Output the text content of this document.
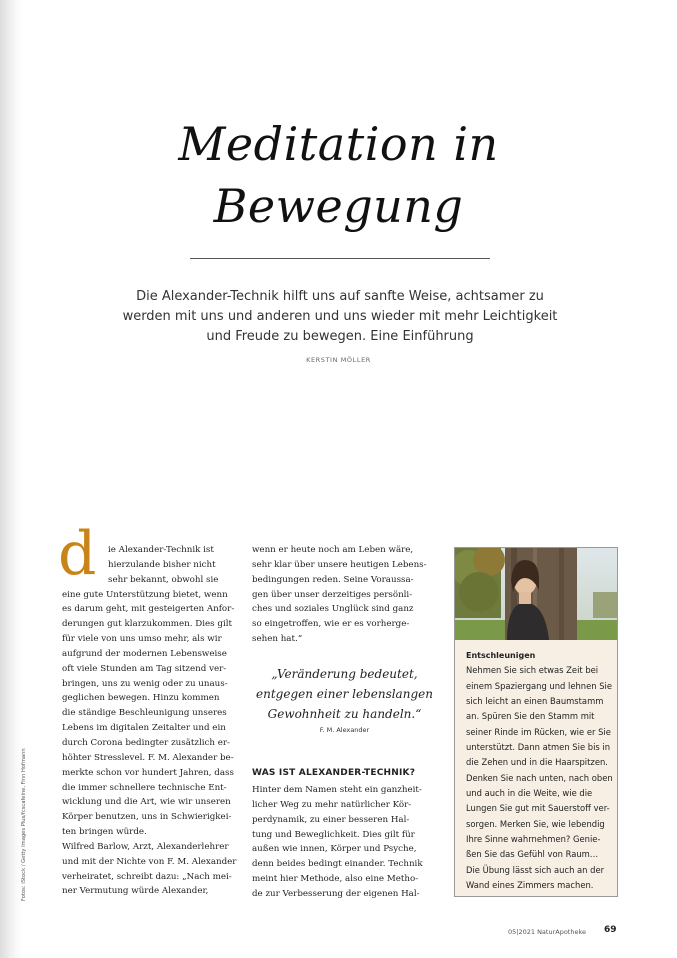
Fotos: iStock / Getty Images Plus/fcscafeine, Finn Hofmann
Meditation in
Bewegung
Die Alexander-Technik hilft uns auf sanfte Weise, achtsamer zu
werden mit uns und anderen und uns wieder mit mehr Leichtigkeit
und Freude zu bewegen. Eine Einführung
KERSTIN MÖLLER
d	ie Alexander-Technik ist
hierzulande bisher nicht
sehr bekannt, obwohl sie
eine gute Unterstützung bietet, wenn
es darum geht, mit gesteigerten Anfor-
derungen gut klarzukommen. Dies gilt
für viele von uns umso mehr, als wir
aufgrund der modernen Lebensweise
oft viele Stunden am Tag sitzend ver-
bringen, uns zu wenig oder zu unaus-
geglichen bewegen. Hinzu kommen
die ständige Beschleunigung unseres
Lebens im digitalen Zeitalter und ein
durch Corona bedingter zusätzlich er-
höhter Stresslevel. F. M. Alexander be-
merkte schon vor hundert Jahren, dass
die immer schnellere technische Ent-
wicklung und die Art, wie wir unseren
Körper benutzen, uns in Schwierigkei-
ten bringen würde.
Wilfred Barlow, Arzt, Alexanderlehrer
und mit der Nichte von F. M. Alexander
verheiratet, schreibt dazu: „Nach mei-
ner Vermutung würde Alexander,
wenn er heute noch am Leben wäre,
sehr klar über unsere heutigen Lebens-
bedingungen reden. Seine Voraussa-
gen über unser derzeitiges persönli-
ches und soziales Unglück sind ganz
so eingetroffen, wie er es vorherge-
sehen hat.“
„Veränderung bedeutet,
entgegen einer lebenslangen
Gewohnheit zu handeln.“
F. M. Alexander
WAS IST ALEXANDER-TECHNIK?
Hinter dem Namen steht ein ganzheit-
licher Weg zu mehr natürlicher Kör-
perdynamik, zu einer besseren Hal-
tung und Beweglichkeit. Dies gilt für
außen wie innen, Körper und Psyche,
denn beides bedingt einander. Technik
meint hier Methode, also eine Metho-
de zur Verbesserung der eigenen Hal-
Entschleunigen
Nehmen Sie sich etwas Zeit bei
einem Spaziergang und lehnen Sie
sich leicht an einen Baumstamm
an. Spüren Sie den Stamm mit
seiner Rinde im Rücken, wie er Sie
unterstützt. Dann atmen Sie bis in
die Zehen und in die Haarspitzen.
Denken Sie nach unten, nach oben
und auch in die Weite, wie die
Lungen Sie gut mit Sauerstoff ver-
sorgen. Merken Sie, wie lebendig
Ihre Sinne wahrnehmen? Genie-
ßen Sie das Gefühl von Raum…
Die Übung lässt sich auch an der
Wand eines Zimmers machen.
05|2021 NaturApotheke 69
